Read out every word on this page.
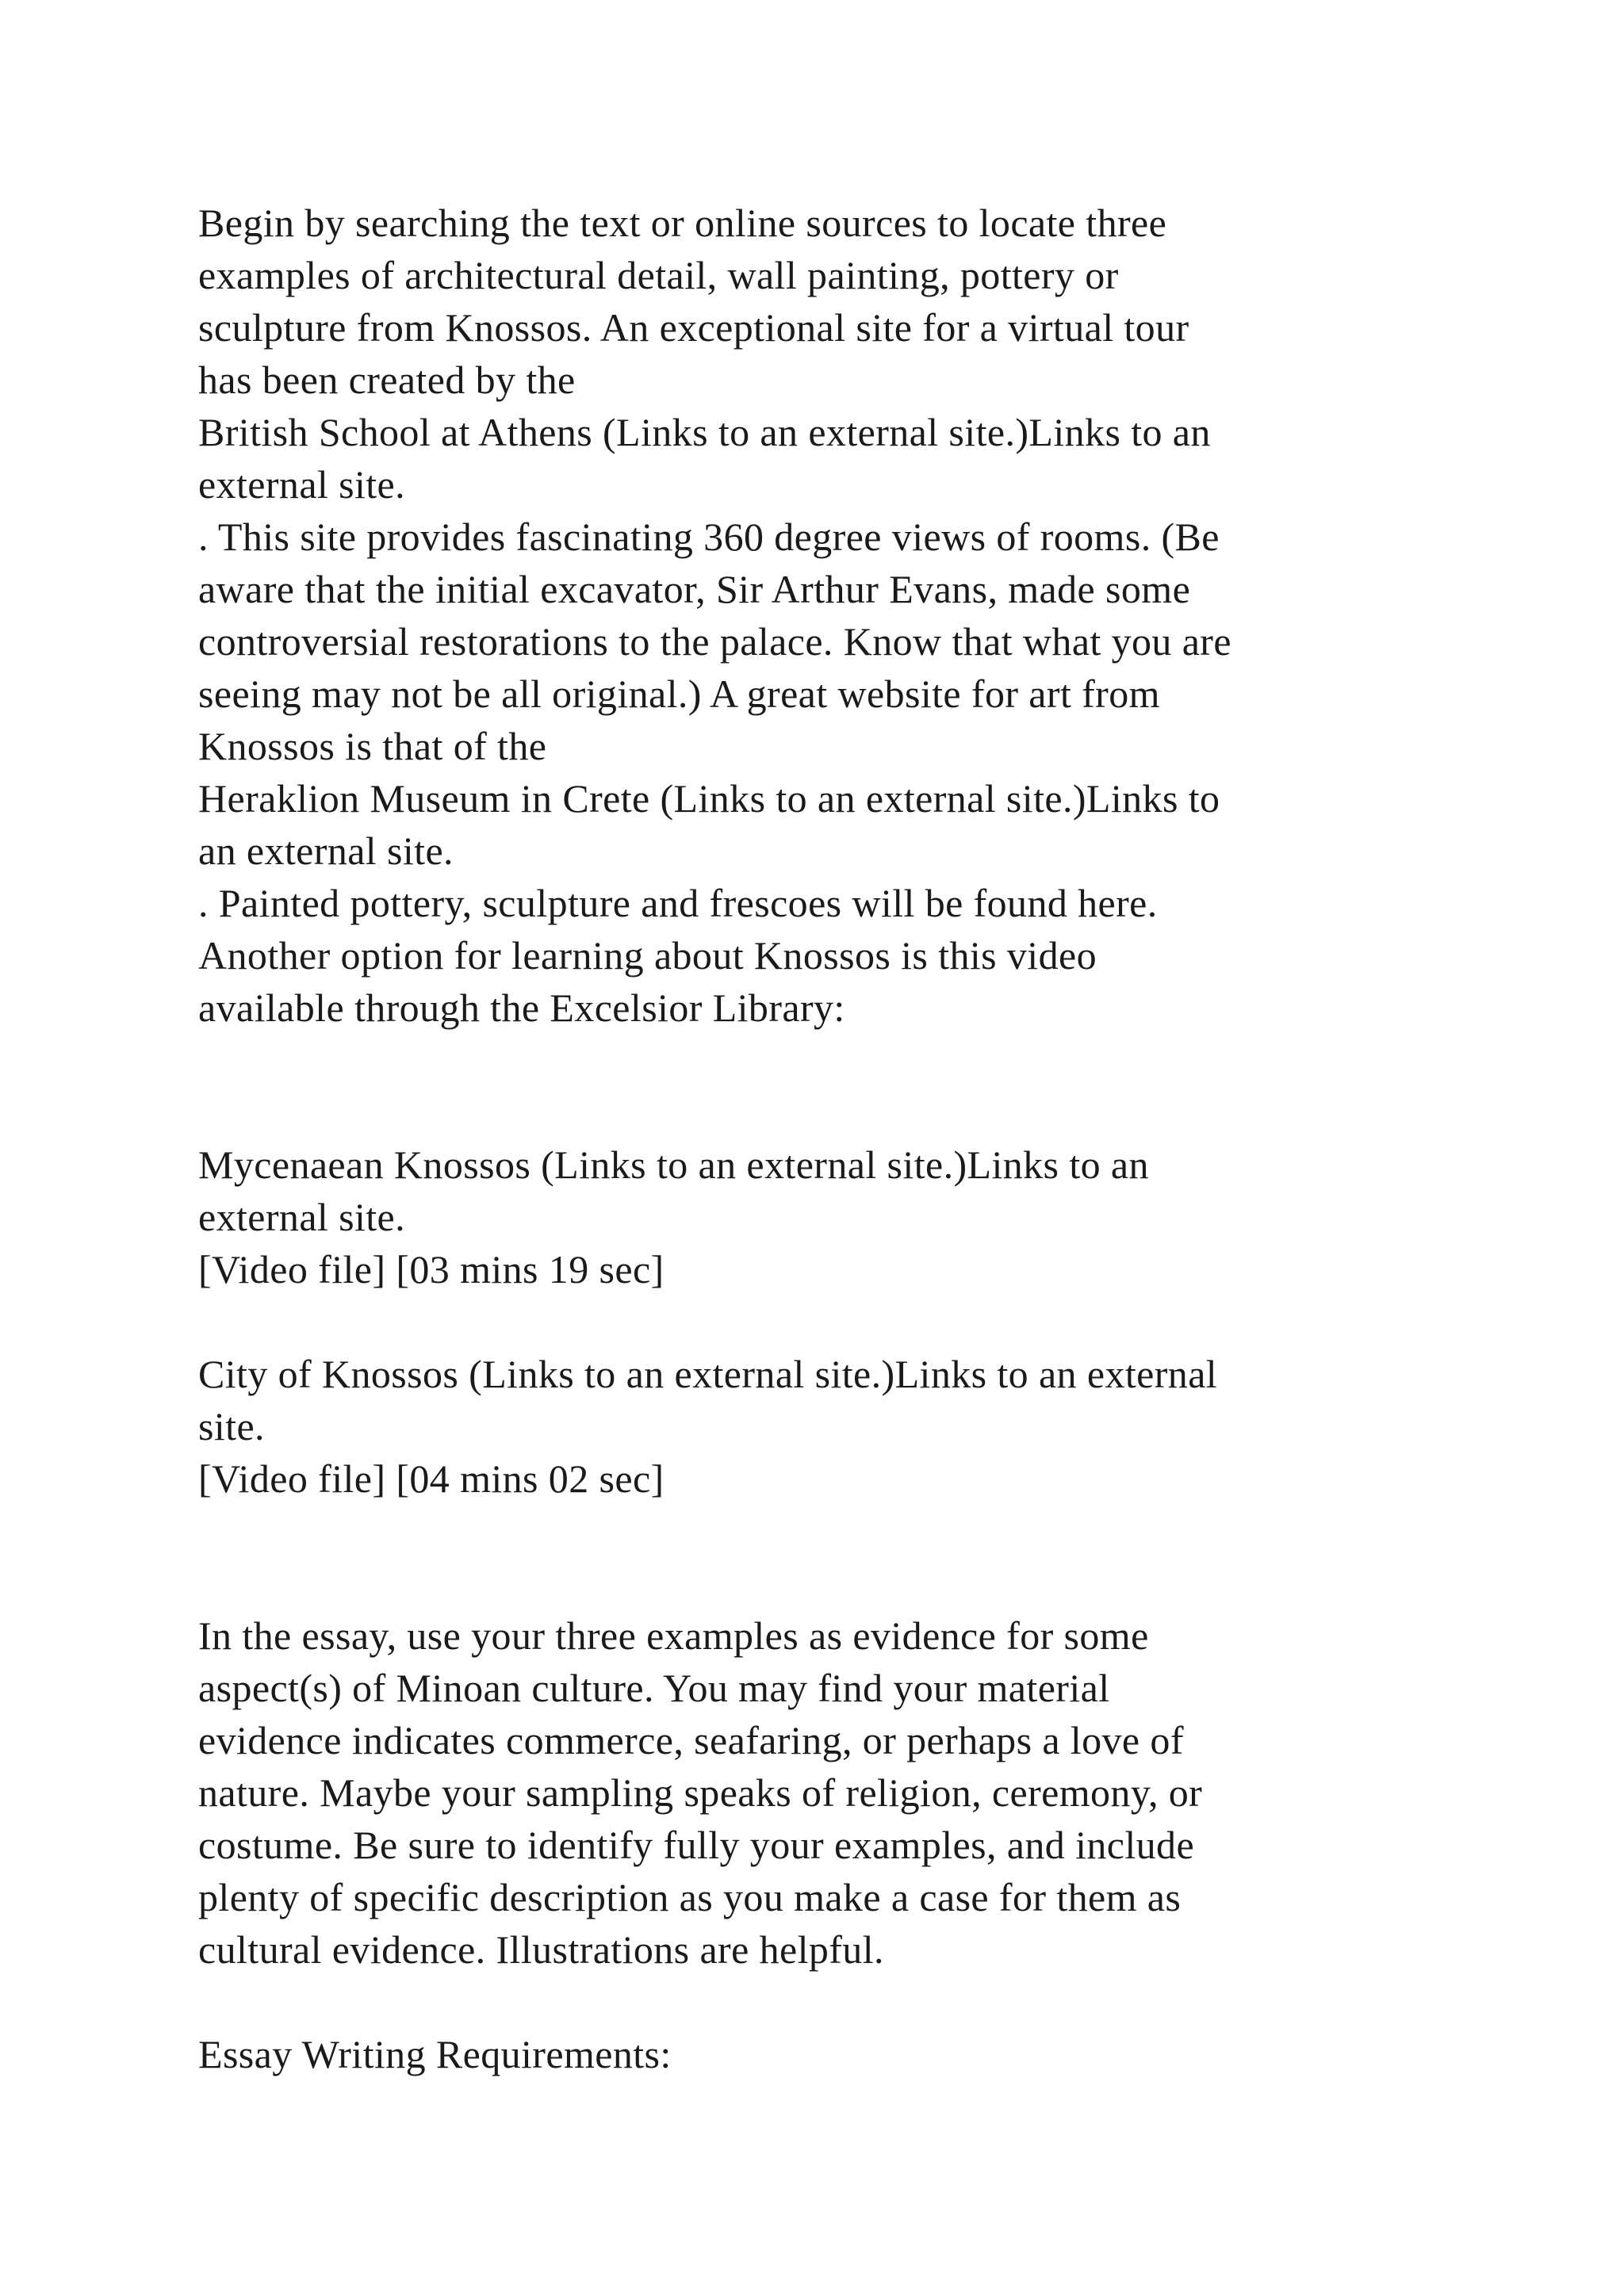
Begin by searching the text or online sources to locate three

examples of architectural detail, wall painting, pottery or

sculpture from Knossos. An exceptional site for a virtual tour

has been created by the

British School at Athens (Links to an external site.)Links to an

external site.

. This site provides fascinating 360 degree views of rooms. (Be

aware that the initial excavator, Sir Arthur Evans, made some

controversial restorations to the palace. Know that what you are

seeing may not be all original.) A great website for art from

Knossos is that of the

Heraklion Museum in Crete (Links to an external site.)Links to

an external site.

. Painted pottery, sculpture and frescoes will be found here.

Another option for learning about Knossos is this video

available through the Excelsior Library:

Mycenaean Knossos (Links to an external site.)Links to an

external site.

[Video file] [03 mins 19 sec]

City of Knossos (Links to an external site.)Links to an external

site.

[Video file] [04 mins 02 sec]

In the essay, use your three examples as evidence for some

aspect(s) of Minoan culture. You may find your material

evidence indicates commerce, seafaring, or perhaps a love of

nature. Maybe your sampling speaks of religion, ceremony, or

costume. Be sure to identify fully your examples, and include

plenty of specific description as you make a case for them as

cultural evidence. Illustrations are helpful.

Essay Writing Requirements:
